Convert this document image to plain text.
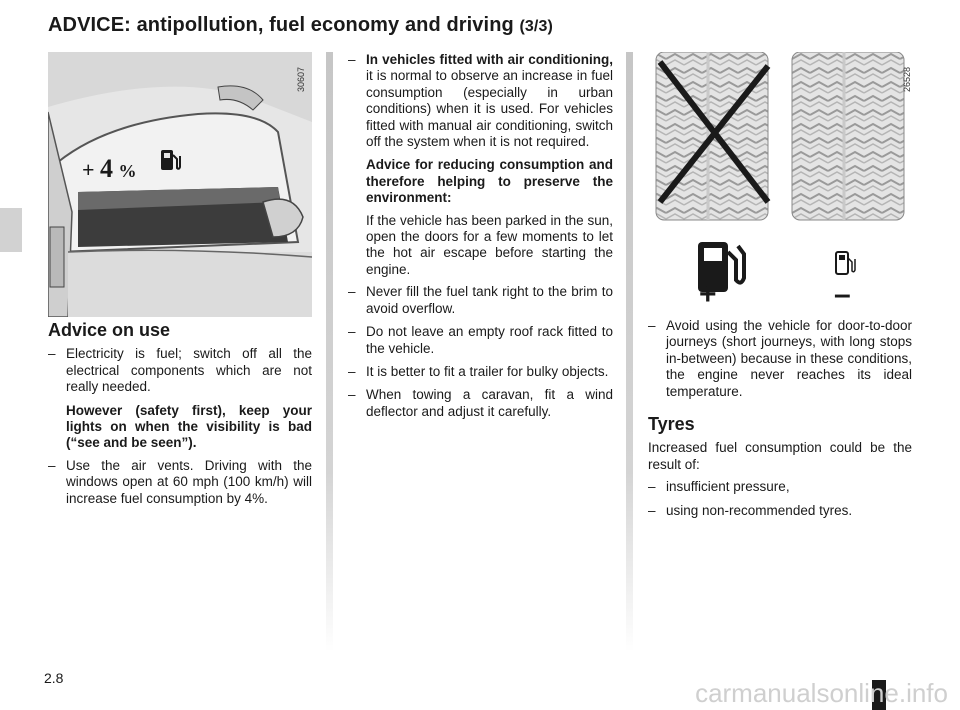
ADVICE: antipollution, fuel economy and driving (3/3)
+ 4 %
30607
+	–
26528
Advice on use
– Electricity is fuel; switch off all the electrical components which are not really needed.
However (safety first), keep your lights on when the visibility is bad (“see and be seen”).
– Use the air vents. Driving with the windows open at 60 mph (100 km/h) will increase fuel consumption by 4%.
– In vehicles fitted with air conditioning, it is normal to observe an increase in fuel consumption (especially in urban conditions) when it is used. For vehicles fitted with manual air conditioning, switch off the system when it is not required.
Advice for reducing consumption and therefore helping to preserve the environment:
If the vehicle has been parked in the sun, open the doors for a few moments to let the hot air escape before starting the engine.
– Never fill the fuel tank right to the brim to avoid overflow.
– Do not leave an empty roof rack fitted to the vehicle.
– It is better to fit a trailer for bulky objects.
– When towing a caravan, fit a wind deflector and adjust it carefully.
– Avoid using the vehicle for door-to-door journeys (short journeys, with long stops in-between) because in these conditions, the engine never reaches its ideal temperature.
Tyres

Increased fuel consumption could be the result of:

– insufficient pressure,
– using non-recommended tyres.
2.8	carmanualsonline.info
